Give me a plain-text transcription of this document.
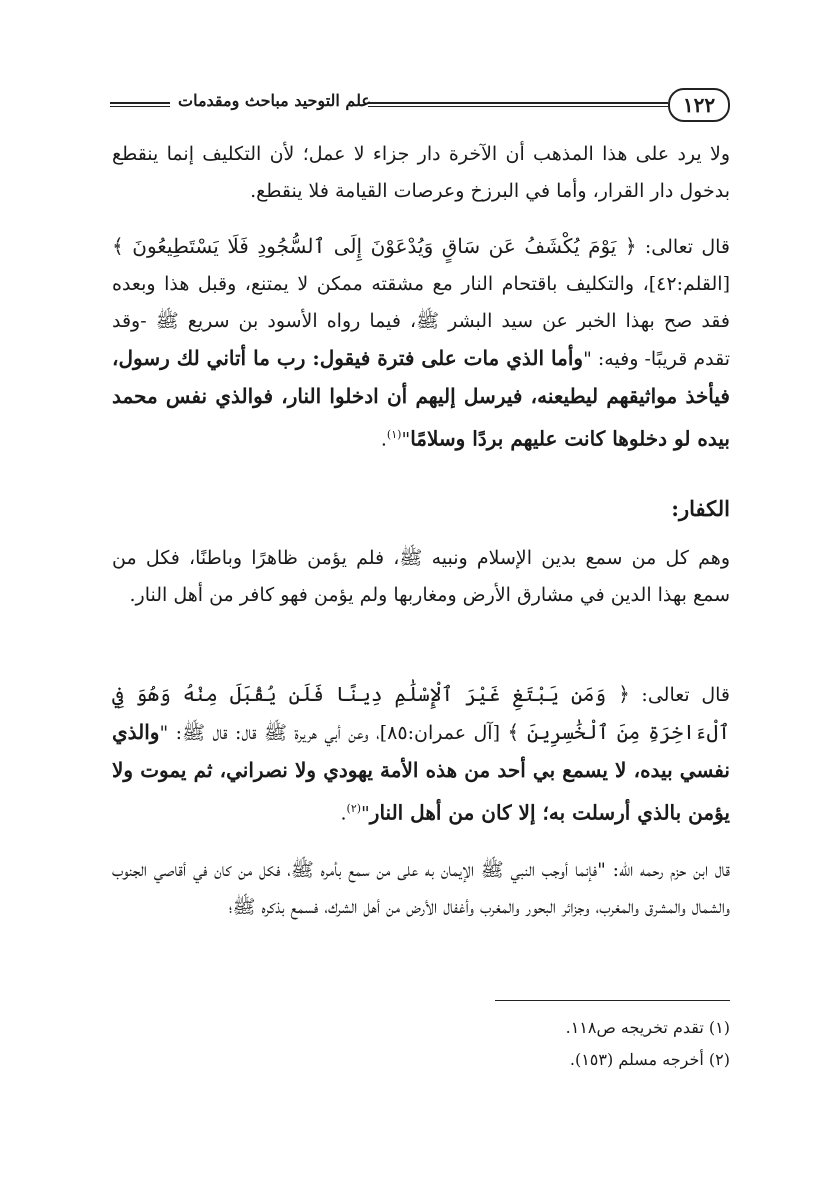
١٢٢
علم التوحيد مباحث ومقدمات

ولا يرد على هذا المذهب أن الآخرة دار جزاء لا عمل؛ لأن التكليف إنما ينقطع بدخول دار القرار، وأما في البرزخ وعرصات القيامة فلا ينقطع.

قال تعالى: ﴿ يَوْمَ يُكْشَفُ عَن سَاقٍ وَيُدْعَوْنَ إِلَى ٱلسُّجُودِ فَلَا يَسْتَطِيعُونَ ﴾ [القلم:٤٢]، والتكليف باقتحام النار مع مشقته ممكن لا يمتنع، وقبل هذا وبعده فقد صح بهذا الخبر عن سيد البشر ﷺ، فيما رواه الأسود بن سريع ﷺ -وقد تقدم قريبًا- وفيه: "وأما الذي مات على فترة فيقول: رب ما أتاني لك رسول، فيأخذ مواثيقهم ليطيعنه، فيرسل إليهم أن ادخلوا النار، فوالذي نفس محمد بيده لو دخلوها كانت عليهم بردًا وسلامًا"$^{(١)}$.

الكفار:

وهم كل من سمع بدين الإسلام ونبيه ﷺ، فلم يؤمن ظاهرًا وباطنًا، فكل من سمع بهذا الدين في مشارق الأرض ومغاربها ولم يؤمن فهو كافر من أهل النار.

قال تعالى: ﴿ وَمَن يَبْتَغِ غَيْرَ ٱلْإِسْلَٰمِ دِينًا فَلَن يُقْبَلَ مِنْهُ وَهُوَ فِي ٱلْءَاخِرَةِ مِنَ ٱلْخَٰسِرِينَ ﴾ [آل عمران:٨٥]، وعن أبي هريرة ﷺ قال: قال ﷺ: "والذي نفسي بيده، لا يسمع بي أحد من هذه الأمة يهودي ولا نصراني، ثم يموت ولا يؤمن بالذي أرسلت به؛ إلا كان من أهل النار"$^{(٢)}$.

قال ابن حزم رحمه الله: "فإنما أوجب النبي ﷺ الإيمان به على من سمع بأمره ﷺ، فكل من كان في أقاصي الجنوب والشمال والمشرق والمغرب، وجزائر البحور والمغرب وأغفال الأرض من أهل الشرك، فسمع بذكره ﷺ؛

(١) تقدم تخريجه ص١١٨.
(٢) أخرجه مسلم (١٥٣).
